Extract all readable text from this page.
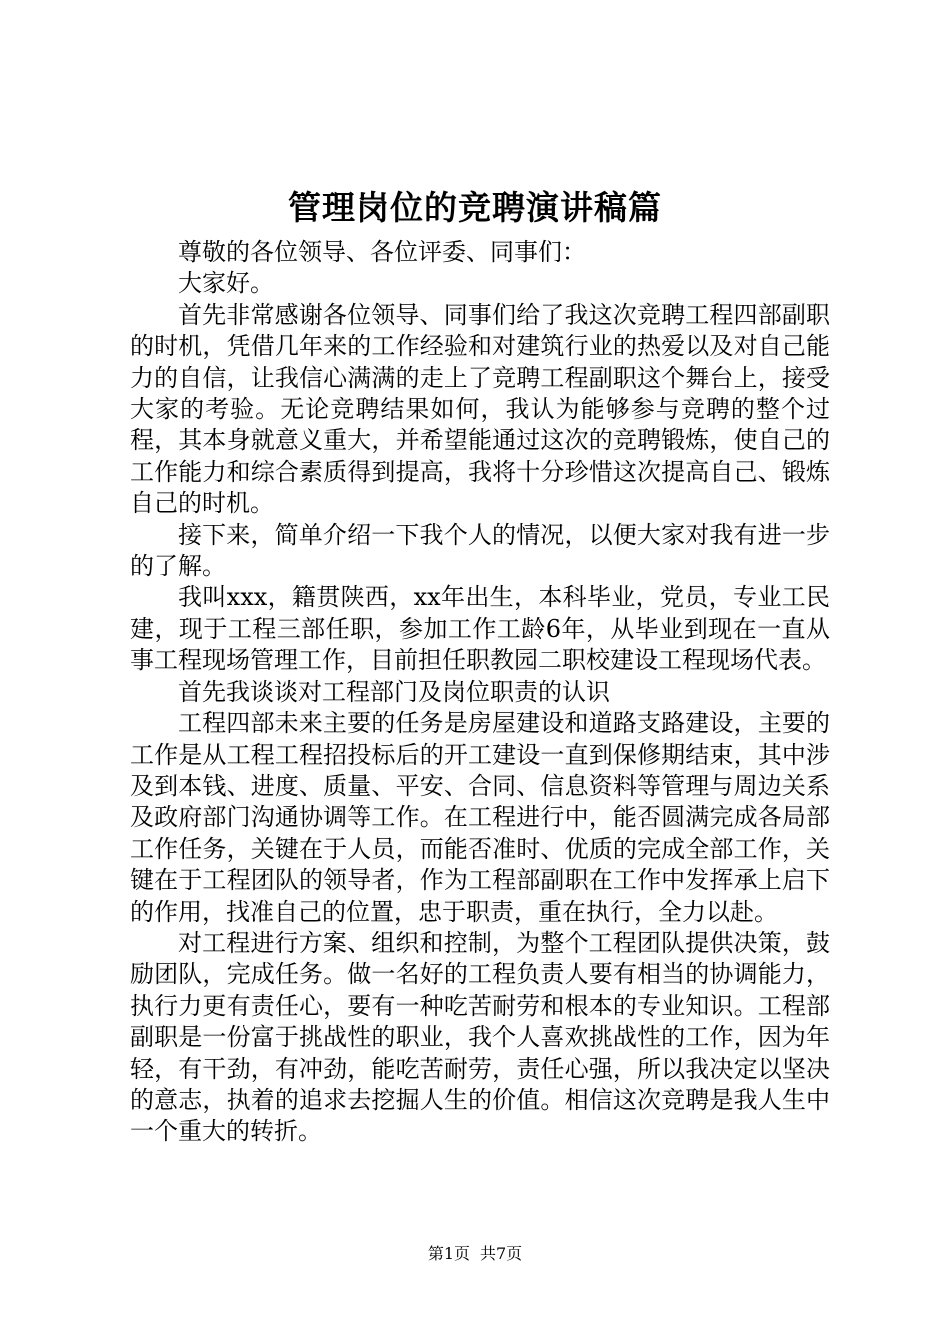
管理岗位的竞聘演讲稿篇

尊敬的各位领导、各位评委、同事们：

大家好。

首先非常感谢各位领导、同事们给了我这次竞聘工程四部副职的时机，凭借几年来的工作经验和对建筑行业的热爱以及对自己能力的自信，让我信心满满的走上了竞聘工程副职这个舞台上，接受大家的考验。无论竞聘结果如何，我认为能够参与竞聘的整个过程，其本身就意义重大，并希望能通过这次的竞聘锻炼，使自己的工作能力和综合素质得到提高，我将十分珍惜这次提高自己、锻炼自己的时机。

接下来，简单介绍一下我个人的情况，以便大家对我有进一步的了解。

我叫xxx，籍贯陕西，xx年出生，本科毕业，党员，专业工民建，现于工程三部任职，参加工作工龄6年，从毕业到现在一直从事工程现场管理工作，目前担任职教园二职校建设工程现场代表。

首先我谈谈对工程部门及岗位职责的认识

工程四部未来主要的任务是房屋建设和道路支路建设，主要的工作是从工程工程招投标后的开工建设一直到保修期结束，其中涉及到本钱、进度、质量、平安、合同、信息资料等管理与周边关系及政府部门沟通协调等工作。在工程进行中，能否圆满完成各局部工作任务，关键在于人员，而能否准时、优质的完成全部工作，关键在于工程团队的领导者，作为工程部副职在工作中发挥承上启下的作用，找准自己的位置，忠于职责，重在执行，全力以赴。

对工程进行方案、组织和控制，为整个工程团队提供决策，鼓励团队，完成任务。做一名好的工程负责人要有相当的协调能力，执行力更有责任心，要有一种吃苦耐劳和根本的专业知识。工程部副职是一份富于挑战性的职业，我个人喜欢挑战性的工作，因为年轻，有干劲，有冲劲，能吃苦耐劳，责任心强，所以我决定以坚决的意志，执着的追求去挖掘人生的价值。相信这次竞聘是我人生中一个重大的转折。

第1页 共7页
